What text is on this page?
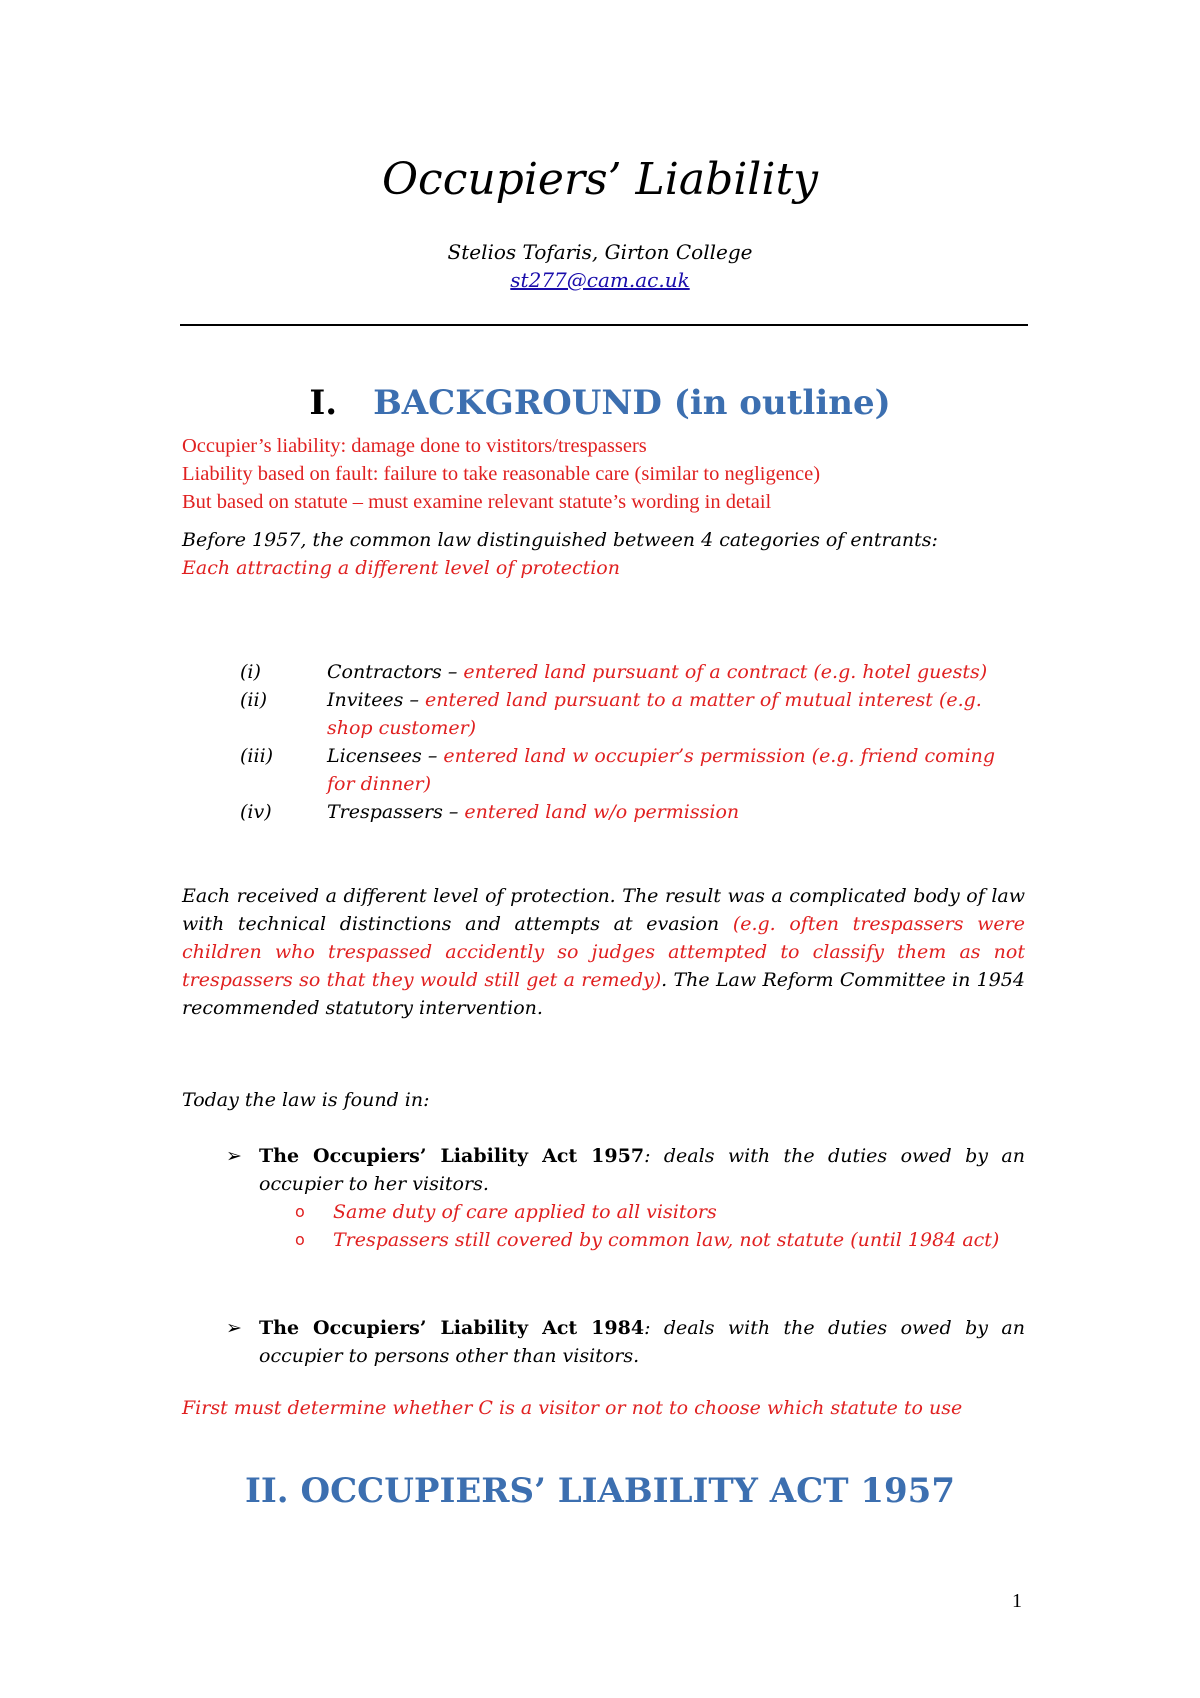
Occupiers’ Liability
Stelios Tofaris, Girton College
st277@cam.ac.uk
I. BACKGROUND (in outline)
Occupier’s liability: damage done to vistitors/trespassers
Liability based on fault: failure to take reasonable care (similar to negligence)
But based on statute – must examine relevant statute’s wording in detail
Before 1957, the common law distinguished between 4 categories of entrants:
Each attracting a different level of protection
(i)	Contractors – entered land pursuant of a contract (e.g. hotel guests)
(ii)	Invitees – entered land pursuant to a matter of mutual interest (e.g. shop customer)
(iii)	Licensees – entered land w occupier’s permission (e.g. friend coming for dinner)
(iv)	Trespassers – entered land w/o permission
Each received a different level of protection. The result was a complicated body of law with technical distinctions and attempts at evasion (e.g. often trespassers were children who trespassed accidently so judges attempted to classify them as not trespassers so that they would still get a remedy). The Law Reform Committee in 1954 recommended statutory intervention.
Today the law is found in:
➢ The Occupiers’ Liability Act 1957: deals with the duties owed by an occupier to her visitors.
o	Same duty of care applied to all visitors
o	Trespassers still covered by common law, not statute (until 1984 act)
➢ The Occupiers’ Liability Act 1984: deals with the duties owed by an occupier to persons other than visitors.
First must determine whether C is a visitor or not to choose which statute to use
II. OCCUPIERS’ LIABILITY ACT 1957
1
